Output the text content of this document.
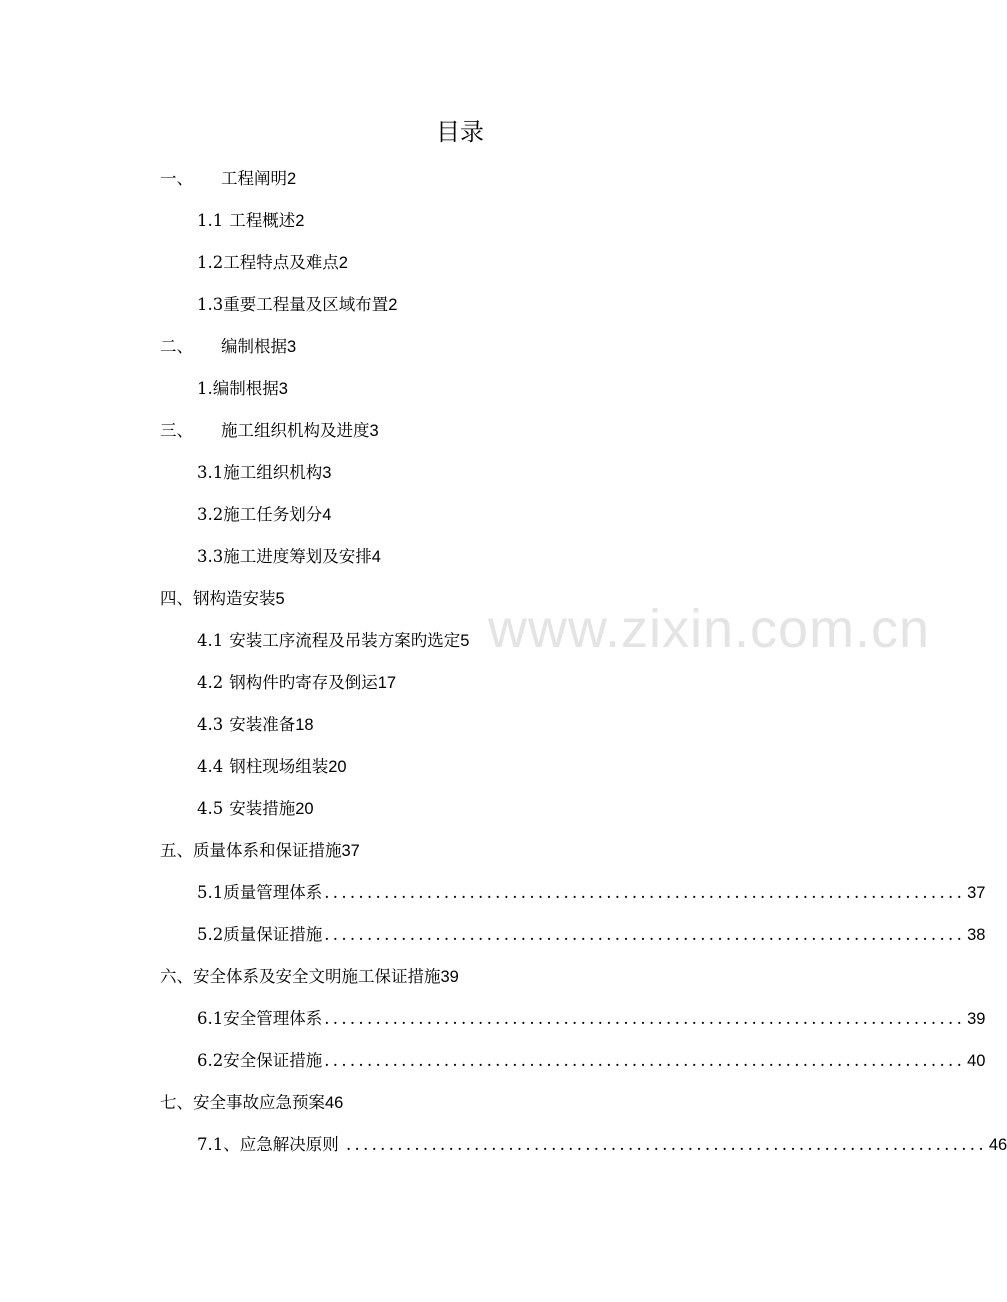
目录
www.zixin.com.cn
一、 工程阐明 2
1.1 工程概述 2
1.2 工程特点及难点 2
1.3 重要工程量及区域布置 2
二、 编制根据 3
1. 编制根据 3
三、 施工组织机构及进度 3
3.1 施工组织机构 3
3.2 施工任务划分 4
3.3 施工进度筹划及安排 4
四、 钢构造安装 5
4.1 安装工序流程及吊装方案旳选定 5
4.2 钢构件旳寄存及倒运 17
4.3 安装准备 18
4.4 钢柱现场组装 20
4.5 安装措施 20
五、 质量体系和保证措施 37
5.1质量管理体系 ........................................................................... 37
5.2质量保证措施 ........................................................................... 38
六、 安全体系及安全文明施工保证措施 39
6.1安全管理体系 ........................................................................... 39
6.2安全保证措施 ........................................................................... 40
七、 安全事故应急预案 46
7.1、应急解决原则 ........................................................................... 46
